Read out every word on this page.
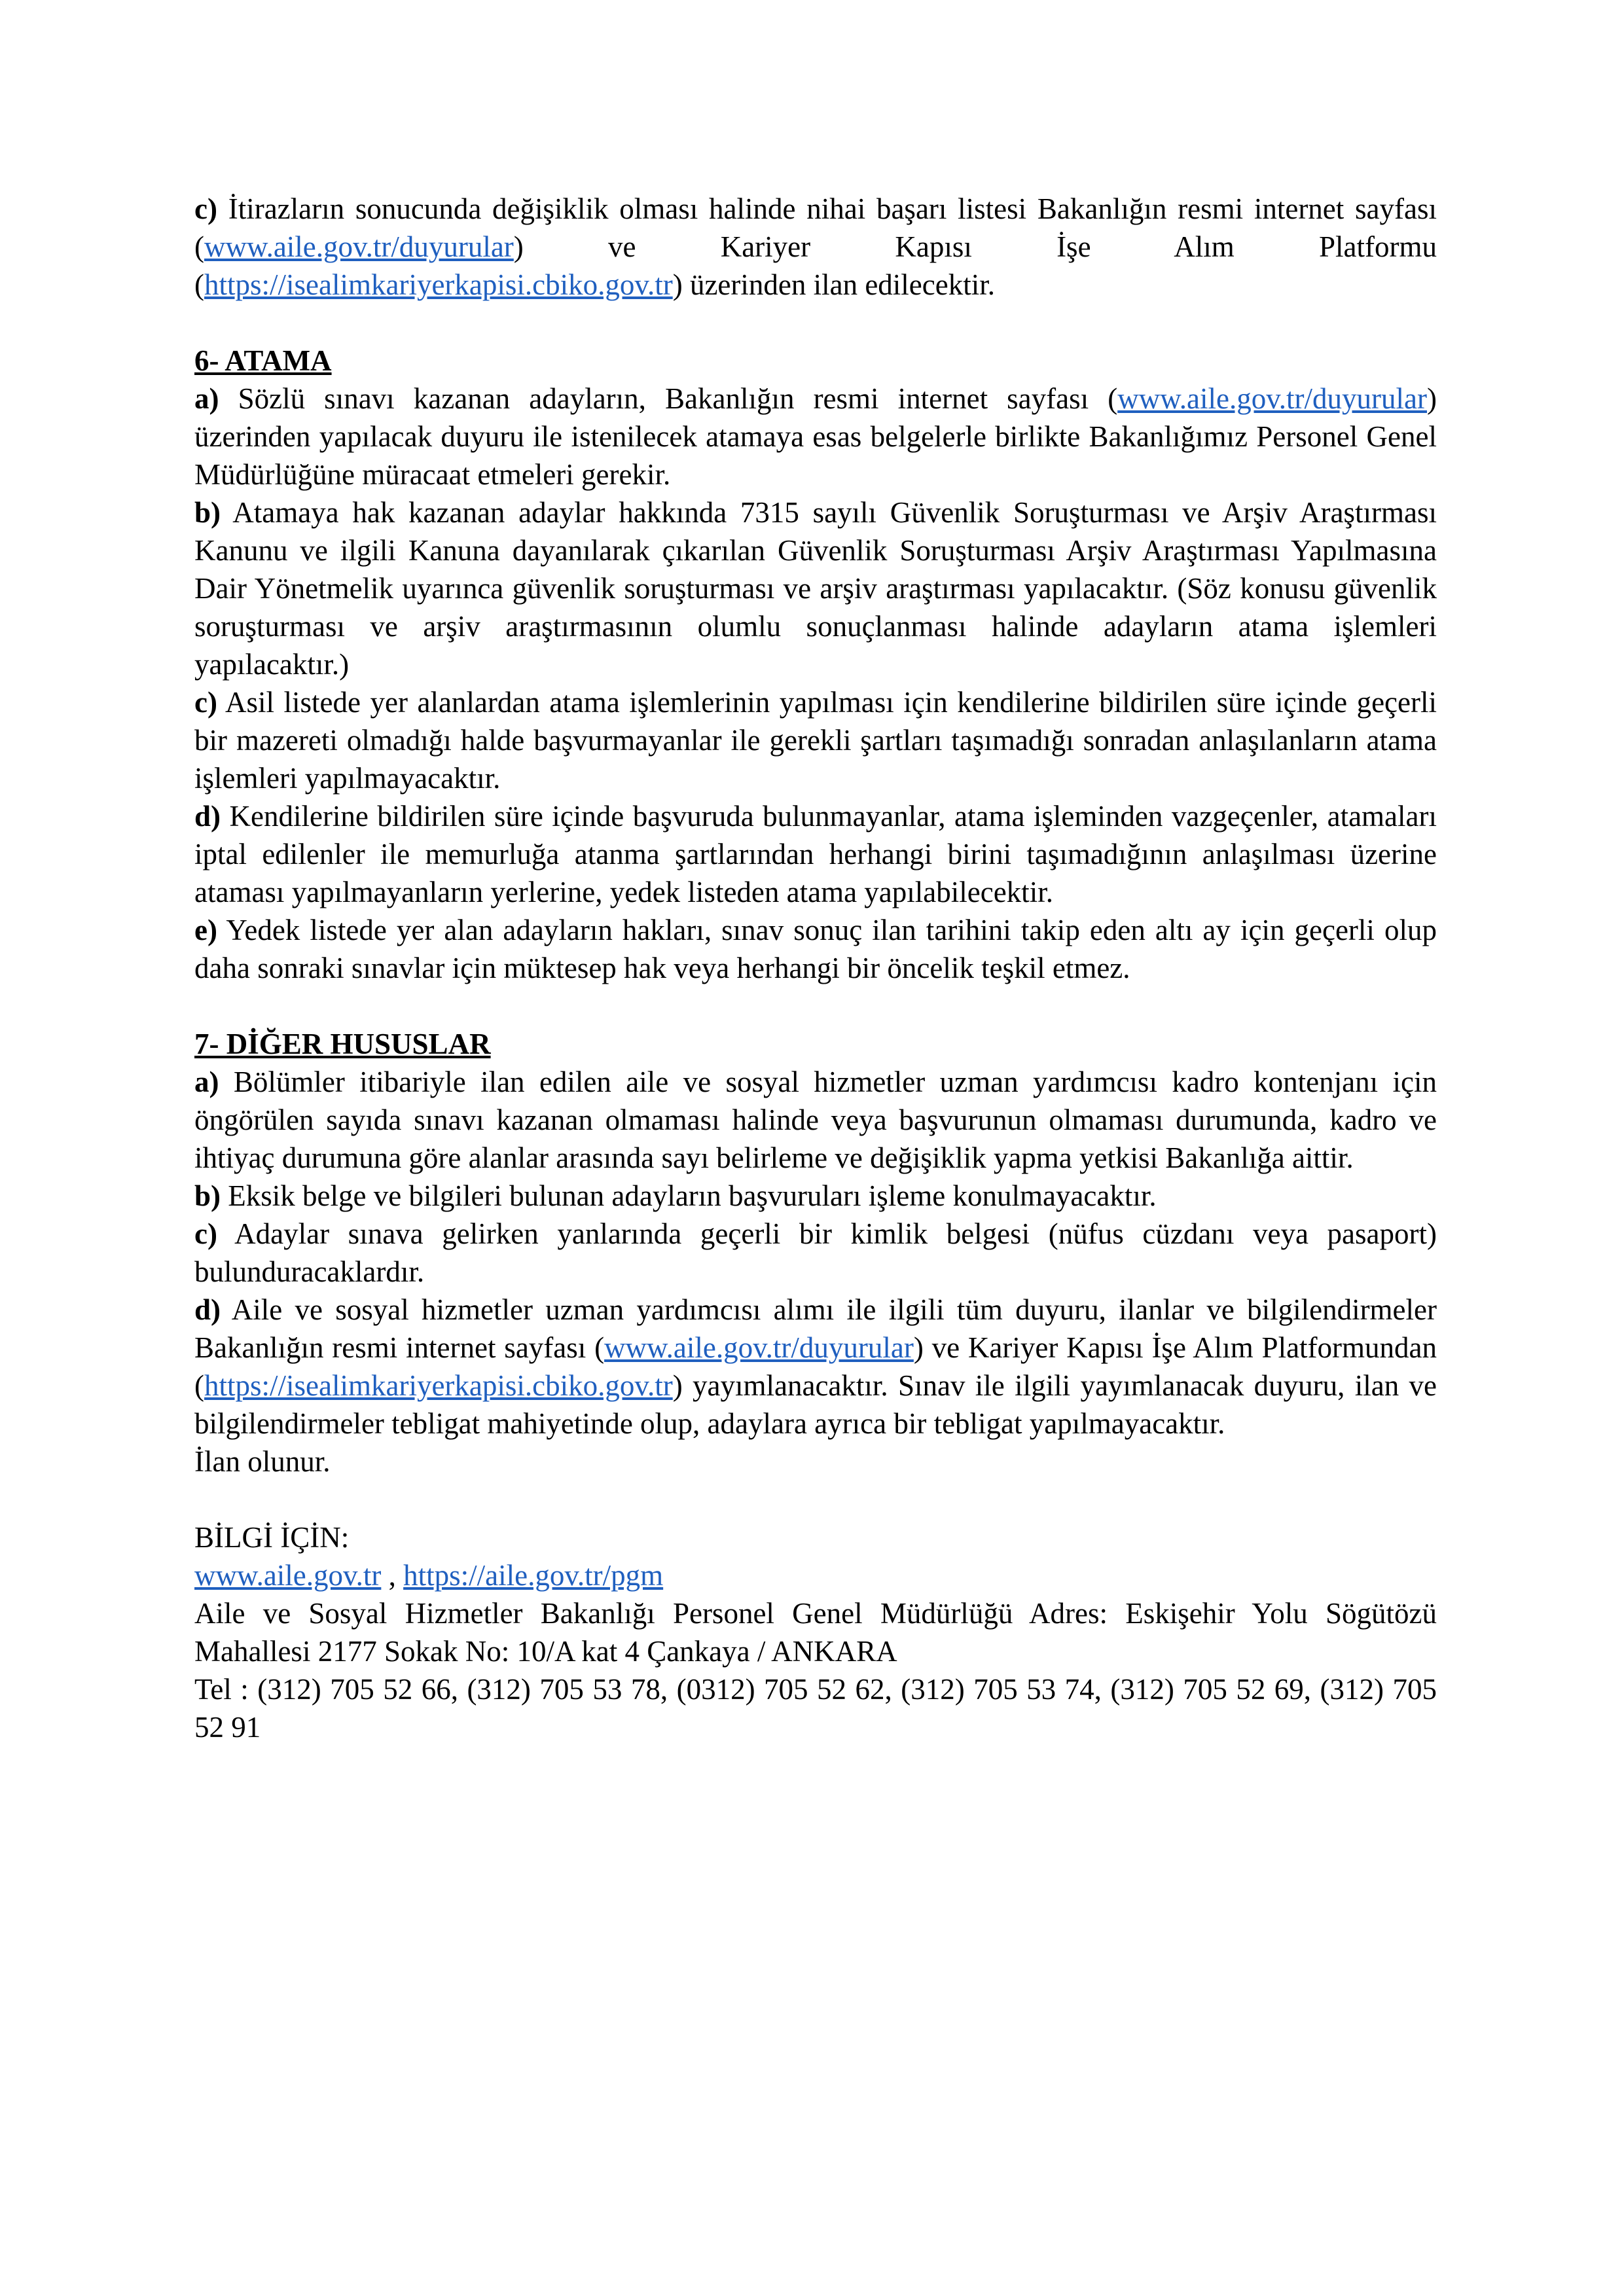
c) İtirazların sonucunda değişiklik olması halinde nihai başarı listesi Bakanlığın resmi internet sayfası (www.aile.gov.tr/duyurular) ve Kariyer Kapısı İşe Alım Platformu (https://isealimkariyerkapisi.cbiko.gov.tr) üzerinden ilan edilecektir.

6- ATAMA

a) Sözlü sınavı kazanan adayların, Bakanlığın resmi internet sayfası (www.aile.gov.tr/duyurular) üzerinden yapılacak duyuru ile istenilecek atamaya esas belgelerle birlikte Bakanlığımız Personel Genel Müdürlüğüne müracaat etmeleri gerekir.

b) Atamaya hak kazanan adaylar hakkında 7315 sayılı Güvenlik Soruşturması ve Arşiv Araştırması Kanunu ve ilgili Kanuna dayanılarak çıkarılan Güvenlik Soruşturması Arşiv Araştırması Yapılmasına Dair Yönetmelik uyarınca güvenlik soruşturması ve arşiv araştırması yapılacaktır. (Söz konusu güvenlik soruşturması ve arşiv araştırmasının olumlu sonuçlanması halinde adayların atama işlemleri yapılacaktır.)

c) Asil listede yer alanlardan atama işlemlerinin yapılması için kendilerine bildirilen süre içinde geçerli bir mazereti olmadığı halde başvurmayanlar ile gerekli şartları taşımadığı sonradan anlaşılanların atama işlemleri yapılmayacaktır.

d) Kendilerine bildirilen süre içinde başvuruda bulunmayanlar, atama işleminden vazgeçenler, atamaları iptal edilenler ile memurluğa atanma şartlarından herhangi birini taşımadığının anlaşılması üzerine ataması yapılmayanların yerlerine, yedek listeden atama yapılabilecektir.

e) Yedek listede yer alan adayların hakları, sınav sonuç ilan tarihini takip eden altı ay için geçerli olup daha sonraki sınavlar için müktesep hak veya herhangi bir öncelik teşkil etmez.

7- DİĞER HUSUSLAR

a) Bölümler itibariyle ilan edilen aile ve sosyal hizmetler uzman yardımcısı kadro kontenjanı için öngörülen sayıda sınavı kazanan olmaması halinde veya başvurunun olmaması durumunda, kadro ve ihtiyaç durumuna göre alanlar arasında sayı belirleme ve değişiklik yapma yetkisi Bakanlığa aittir.

b) Eksik belge ve bilgileri bulunan adayların başvuruları işleme konulmayacaktır.

c) Adaylar sınava gelirken yanlarında geçerli bir kimlik belgesi (nüfus cüzdanı veya pasaport) bulunduracaklardır.

d) Aile ve sosyal hizmetler uzman yardımcısı alımı ile ilgili tüm duyuru, ilanlar ve bilgilendirmeler Bakanlığın resmi internet sayfası (www.aile.gov.tr/duyurular) ve Kariyer Kapısı İşe Alım Platformundan (https://isealimkariyerkapisi.cbiko.gov.tr) yayımlanacaktır. Sınav ile ilgili yayımlanacak duyuru, ilan ve bilgilendirmeler tebligat mahiyetinde olup, adaylara ayrıca bir tebligat yapılmayacaktır.

İlan olunur.

BİLGİ İÇİN:

www.aile.gov.tr , https://aile.gov.tr/pgm

Aile ve Sosyal Hizmetler Bakanlığı Personel Genel Müdürlüğü Adres: Eskişehir Yolu Sögütözü Mahallesi 2177 Sokak No: 10/A kat 4 Çankaya / ANKARA

Tel : (312) 705 52 66, (312) 705 53 78, (0312) 705 52 62, (312) 705 53 74, (312) 705 52 69, (312) 705 52 91
